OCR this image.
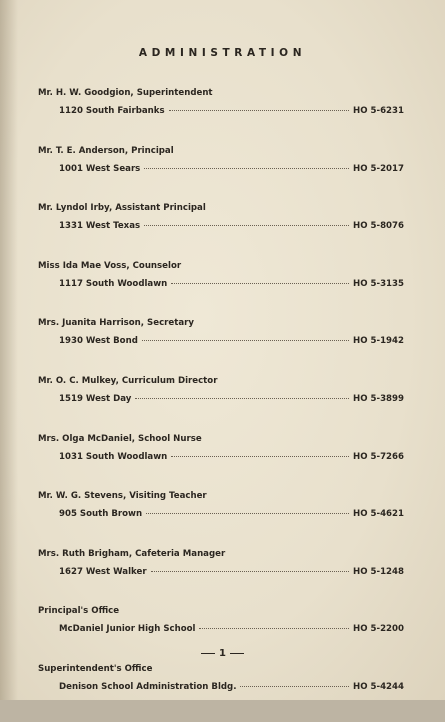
ADMINISTRATION
Mr. H. W. Goodgion, Superintendent
1120 South Fairbanks	HO 5-6231
Mr. T. E. Anderson, Principal
1001 West Sears	HO 5-2017
Mr. Lyndol Irby, Assistant Principal
1331 West Texas	HO 5-8076
Miss Ida Mae Voss, Counselor
1117 South Woodlawn	HO 5-3135
Mrs. Juanita Harrison, Secretary
1930 West Bond	HO 5-1942
Mr. O. C. Mulkey, Curriculum Director
1519 West Day	HO 5-3899
Mrs. Olga McDaniel, School Nurse
1031 South Woodlawn	HO 5-7266
Mr. W. G. Stevens, Visiting Teacher
905 South Brown	HO 5-4621
Mrs. Ruth Brigham, Cafeteria Manager
1627 West Walker	HO 5-1248
Principal's Office
McDaniel Junior High School	HO 5-2200
Superintendent's Office
Denison School Administration Bldg.	HO 5-4244
1
